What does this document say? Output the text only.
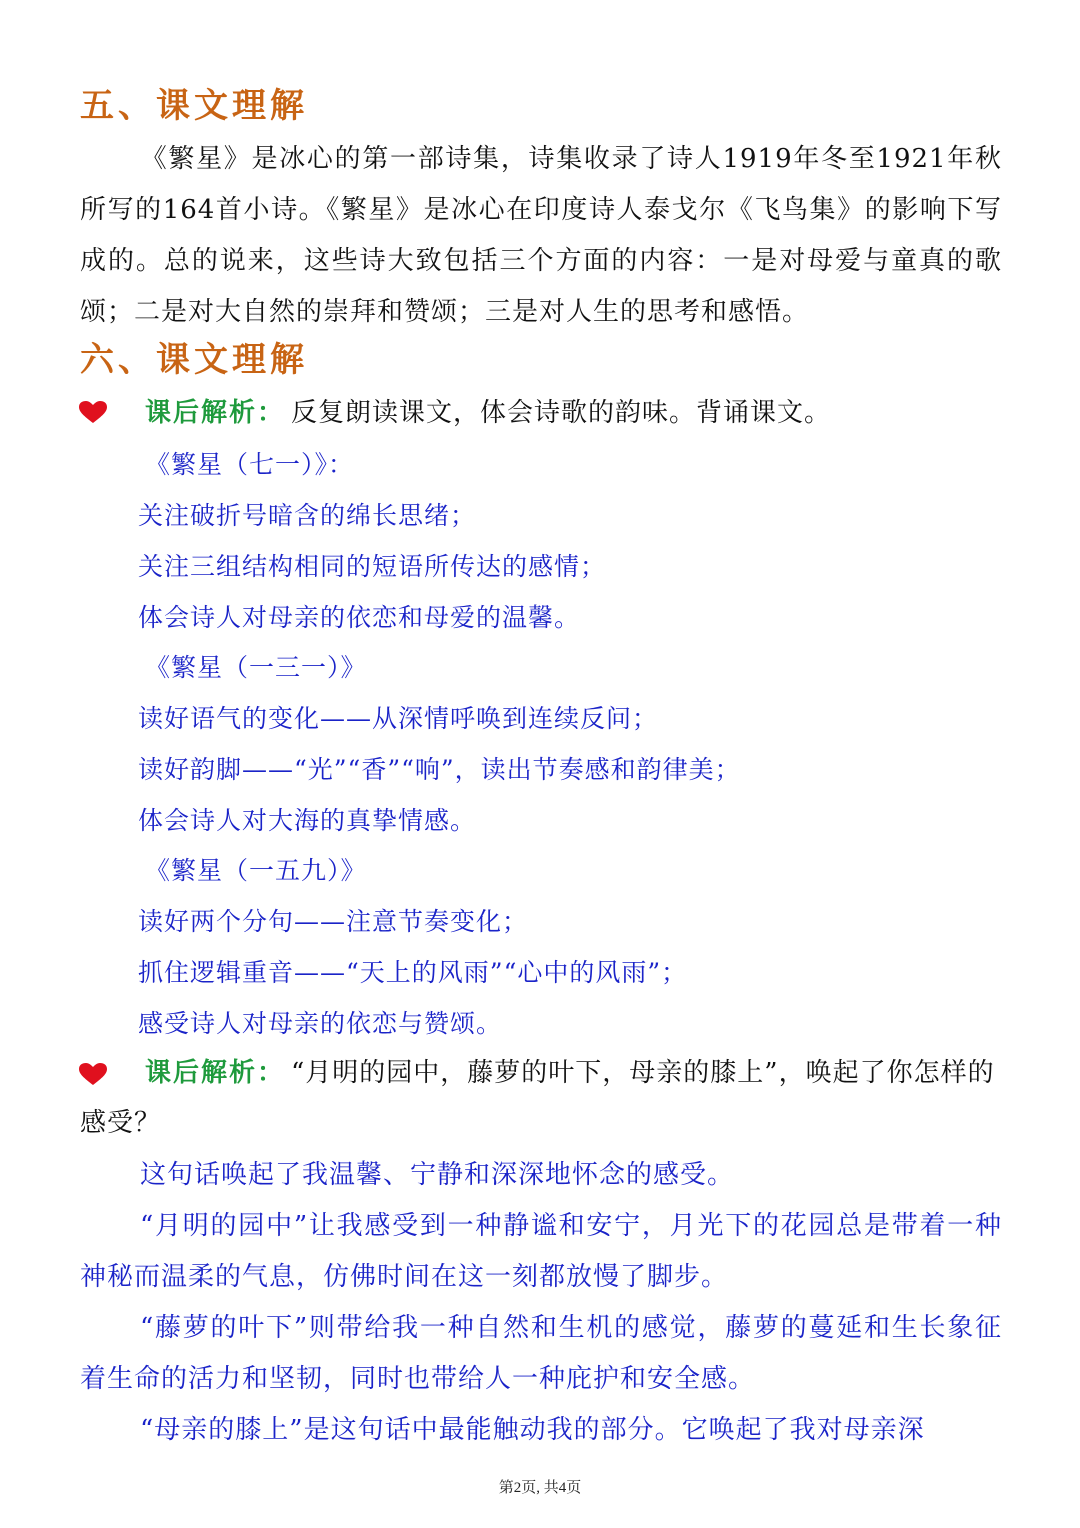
五、课文理解

《繁星》是冰心的第一部诗集，诗集收录了诗人1919年冬至1921年秋所写的164首小诗。《繁星》是冰心在印度诗人泰戈尔《飞鸟集》的影响下写成的。总的说来，这些诗大致包括三个方面的内容：一是对母爱与童真的歌颂；二是对大自然的崇拜和赞颂；三是对人生的思考和感悟。

六、课文理解
课后解析： 反复朗读课文，体会诗歌的韵味。背诵课文。
《繁星（七一）》：
关注破折号暗含的绵长思绪；
关注三组结构相同的短语所传达的感情；
体会诗人对母亲的依恋和母爱的温馨。
《繁星（一三一）》
读好语气的变化——从深情呼唤到连续反问；
读好韵脚——“光”“香”“响”，读出节奏感和韵律美；
体会诗人对大海的真挚情感。
《繁星（一五九）》
读好两个分句——注意节奏变化；
抓住逻辑重音——“天上的风雨”“心中的风雨”；
感受诗人对母亲的依恋与赞颂。

课后解析： “月明的园中，藤萝的叶下，母亲的膝上”，唤起了你怎样的感受？

这句话唤起了我温馨、宁静和深深地怀念的感受。

“月明的园中”让我感受到一种静谧和安宁，月光下的花园总是带着一种神秘而温柔的气息，仿佛时间在这一刻都放慢了脚步。

“藤萝的叶下”则带给我一种自然和生机的感觉，藤萝的蔓延和生长象征着生命的活力和坚韧，同时也带给人一种庇护和安全感。

“母亲的膝上”是这句话中最能触动我的部分。它唤起了我对母亲深

第2页, 共4页
